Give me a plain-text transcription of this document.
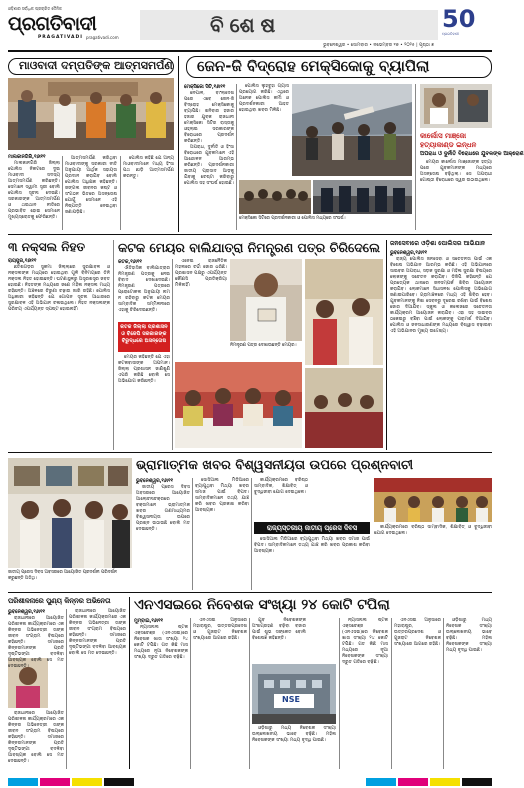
ଓଡ଼ିଶାର ସର୍ବାଧିକ ପ୍ରଚାରିତ ଦୈନିକ
ପ୍ରଗତିବାଦୀ
PRAGATIVADI pragativadi.com
ବିଶେଷ	50
ପ୍ରଗତିବାଦୀ
ଭୁବନେଶ୍ୱର • ସୋମବାର • ନଭେମ୍ବର ୧୭ • ୨୦୨୫ | ପୃଷ୍ଠା ୭
ମାଓବାଦୀ ଦମ୍ପତିଙ୍କ ଆତ୍ମସମର୍ପଣ
ମାଲକାନଗିରି,୧୬ା୧୧

ମାଲକାନଗିରି ଜିଲ୍ଲା ପୋଲିସ ନିକଟରେ ଦୁଇ ମାଓବାଦୀ ସଦସ୍ୟ ଆତ୍ମସମର୍ପଣ କରିଛନ୍ତି। ସେମାନେ ସ୍ୱାମୀ ସ୍ତ୍ରୀ ବୋଲି ପୋଲିସ ସୂଚନା ଦେଇଛି। ସରକାରଙ୍କ ଆତ୍ମସମର୍ପଣ ଓ ଥଇଥାନ ନୀତିରେ ପ୍ରଭାବିତ ହୋଇ ସେମାନେ ମୁଖ୍ୟସ୍ରୋତକୁ ଫେରିଛନ୍ତି।

ଆତ୍ମସମର୍ପଣ କରିଥିବା ମାଓବାଦୀଙ୍କୁ ସରକାରୀ ନୀତି ଅନୁଯାୟୀ ଆର୍ଥିକ ସହାୟତା ପ୍ରଦାନ କରାଯିବ ବୋଲି ପୋଲିସ ଅଧିକ୍ଷକ କହିଛନ୍ତି। ଜଙ୍ଗଲ ଜୀବନର କଷ୍ଟ ଓ ସଂଗଠନ ଭିତରେ ଅସନ୍ତୋଷ ଯୋଗୁଁ ସେମାନେ ଏହି ନିଷ୍ପତ୍ତି ନେଇଥିବା ଜଣାପଡ଼ିଛି।

ପୋଲିସ କହିଛି ଯେ ଅନ୍ୟ ମାଓବାଦୀମାନେ ମଧ୍ୟ ହିଂସା ପଥ ଛାଡ଼ି ଆତ୍ମସମର୍ପଣ କରନ୍ତୁ।

ଜେନ-ଜି ବିଦ୍ରୋହ ମେକ୍ସିକୋକୁ ବ୍ୟାପିଲା
ମେକ୍ସିକୋ ସିଟି,୧୬ା୧୧

ନେପାଳ, ବାଂଲାଦେଶ ପରେ ଏବେ ଜେନ-ଜି ବିଦ୍ରୋହ ମେକ୍ସିକୋକୁ ବ୍ୟାପିଛି। ଶନିବାର ହଜାର ହଜାର ଯୁବକ ରାଜଧାନୀ ମେକ୍ସିକୋ ସିଟିର ରାସ୍ତାକୁ ଓହ୍ଲାଇ ସରକାରଙ୍କ ବିରୋଧରେ ପ୍ରଦର୍ଶନ କରିଛନ୍ତି।

ଅପରାଧ, ଦୁର୍ନୀତି ଓ ହିଂସା ବିରୋଧରେ ଯୁବକମାନେ ଏହି ଆନ୍ଦୋଳନ ଆରମ୍ଭ କରିଛନ୍ତି। ପ୍ରଦର୍ଶନକାରୀ ଜାତୀୟ ପ୍ରାସାଦ ଆଡ଼କୁ ଯିବାକୁ ଚେଷ୍ଟା କରିବାରୁ ପୋଲିସ ସହ ସଂଘର୍ଷ ହୋଇଛି।

ପୋଲିସ ଲୁହବୁହା ଗ୍ୟାସ ପ୍ରୟୋଗ କରିଛି। ଏଥିରେ ଅନେକ ପୋଲିସ କର୍ମୀ ଓ ପ୍ରଦର୍ଶନକାରୀ ଆହତ ହୋଇଥିବା ଖବର ମିଳିଛି।

ମେକ୍ସିକୋ ସିଟିରେ ପ୍ରଦର୍ଶନକାରୀ ଓ ପୋଲିସ ମଧ୍ୟରେ ସଂଘର୍ଷ।
କାର୍ଲୋସ ମାଞ୍ଜୋ
ହତ୍ୟାକାଣ୍ଡ ଇନ୍ଧନ
ଅପରାଧ ଓ ଦୁର୍ନୀତି ବିରୋଧରେ ଯୁବକଙ୍କ ଆକ୍ରୋଶ

ମେୟର କାର୍ଲୋସ ମାଞ୍ଜୋଙ୍କ ହତ୍ୟା ପରେ ଯୁବକମାନଙ୍କ ମଧ୍ୟରେ ଅସନ୍ତୋଷ ବଢ଼ିଥିଲା। ସେ ଅପରାଧୀ ଗୋଷ୍ଠୀ ବିରୋଧରେ ସ୍ୱର ଉଠାଉଥିଲେ।

୩ ନକ୍ସଲ ନିହତ
ରାୟପୁର,୧୬ା୧୧

ଛତିଶଗଡ଼ର ସୁକମା ଜିଲ୍ଲାରେ ସୁରକ୍ଷାବଳ ଓ ନକ୍ସଲଙ୍କ ମଧ୍ୟରେ ହୋଇଥିବା ଗୁଳି ବିନିମୟରେ ତିନି ନକ୍ସଲ ନିହତ ହୋଇଛନ୍ତି। ଘଟଣାସ୍ଥଳରୁ ଅସ୍ତ୍ରଶସ୍ତ୍ର ଜବତ ହୋଇଛି। ନିହତଙ୍କ ମଧ୍ୟରେ ଜଣେ ମହିଳା ନକ୍ସଲ ମଧ୍ୟ ରହିଛନ୍ତି। ଅଞ୍ଚଳରେ ଚିରୁଣୀ ଚଢ଼ାଉ ଜାରି ରହିଛି। ପୋଲିସ ଅଧିକାରୀ କହିଛନ୍ତି ଯେ ଗୋପନ ସୂଚନା ଆଧାରରେ ସୁରକ୍ଷାବଳ ଏହି ଅଭିଯାନ ଚଳାଇଥିଲେ। ନିହତ ନକ୍ସଲଙ୍କ ପରିଚୟ ଏପର୍ଯ୍ୟନ୍ତ ସ୍ପଷ୍ଟ ହୋଇନାହିଁ।

କଟକ ମେୟର ବାଲିଯାତ୍ରା ନିମନ୍ତ୍ରଣ ପତ୍ର ଚିରିଦେଲେ
କଟକ,୧୬ା୧୧

ଐତିହାସିକ ବାଲିଯାତ୍ରାର ନିମନ୍ତ୍ରଣ ପତ୍ରକୁ ନେଇ ବିବାଦ ଦେଖାଦେଇଛି। ନିମନ୍ତ୍ରଣ ପତ୍ରରେ ପ୍ରୋଟୋକଲ ଅନୁଯାୟୀ ନାମ ନ ରହିବାରୁ କଟକ ମେୟର ସାମ୍ବାଦିକ ସମ୍ମିଳନୀରେ ଏହାକୁ ଚିରିଦେଇଛନ୍ତି।

କଟକ ଜିଲ୍ଲା ପ୍ରଶାସନ ଓ ବିଜେପି ସରକାରଙ୍କ ବିରୁଦ୍ଧରେ ଅସନ୍ତୋଷ

ମେୟର କହିଛନ୍ତି ଯେ ଏହା କଟକବାସୀଙ୍କ ଅପମାନ। ଜିଲ୍ଲା ପ୍ରଶାସନ ଜାଣିଶୁଣି ଏପରି କରିଛି ବୋଲି ସେ ଅଭିଯୋଗ କରିଛନ୍ତି।

ଏନେଇ ରାଜନୈତିକ ମହଲରେ ଚର୍ଚ୍ଚା ଜୋର ଧରିଛି। ପ୍ରଶାସନ ପକ୍ଷରୁ ଏପର୍ଯ୍ୟନ୍ତ କୌଣସି ପ୍ରତିକ୍ରିୟା ମିଳିନାହିଁ।

ନିମନ୍ତ୍ରଣ ପତ୍ର ଦେଖାଉଛନ୍ତି ମେୟର।
ଜନସେବାରେ ଓଡ଼ିଶା ପୋଲିସର ଆଭିଯାନ
ଭୁବନେଶ୍ୱର,୧୬ା୧୧

ରାଜ୍ୟ ପୋଲିସ ଜନସେବା ଓ ସଚେତନତା ପାଇଁ ଏକ ବିଶେଷ ଅଭିଯାନ ଆରମ୍ଭ କରିଛି। ଏହି ଅଭିଯାନରେ ସାଇବର ଅପରାଧ, ସଡ଼କ ସୁରକ୍ଷା ଓ ମହିଳା ସୁରକ୍ଷା ବିଷୟରେ ଲୋକଙ୍କୁ ସଚେତନ କରାଯିବ। ଡିଜିପି କହିଛନ୍ତି ଯେ ପ୍ରତ୍ୟେକ ଥାନାରେ ଜନସମ୍ପର୍କ ଶିବିର ଆୟୋଜନ କରାଯିବ। ଲୋକମାନେ ସିଧାସଳଖ ପୋଲିସକୁ ଅଭିଯୋଗ ଜଣାଇପାରିବେ। ଗ୍ରାମାଞ୍ଚଳରେ ମଧ୍ୟ ଏହି ଶିବିର ହେବ। ଯୁବକମାନଙ୍କୁ ନିଶା ସେବନରୁ ଦୂରେଇ ରଖିବା ପାଇଁ ବିଶେଷ ଜୋର ଦିଆଯିବ। ସ୍କୁଲ ଓ କଲେଜରେ ସଚେତନତା କାର୍ଯ୍ୟକ୍ରମ ଆୟୋଜନ କରାଯିବ। ଏହା ସହ ସାଇବର ଠକେଇରୁ ବଞ୍ଚିବା ପାଇଁ ଲୋକଙ୍କୁ ପରାମର୍ଶ ଦିଆଯିବ। ପୋଲିସ ଓ ଜନସାଧାରଣଙ୍କ ମଧ୍ୟରେ ବିଶ୍ୱାସ ବଢ଼ାଇବା ଏହି ଅଭିଯାନର ମୁଖ୍ୟ ଉଦ୍ଦେଶ୍ୟ।

ଜାତୀୟ ପ୍ରେସ ଦିବସ ଅବସରରେ ଆୟୋଜିତ ପ୍ରଦର୍ଶନୀ ପରିଦର୍ଶନ କରୁଛନ୍ତି ଅତିଥି।
ଭ୍ରାମାତ୍ମକ ଖବର ବିଶ୍ୱସନୀୟତା ଉପରେ ପ୍ରଶ୍ନବାଚୀ
ଭୁବନେଶ୍ୱର,୧୬ା୧୧

ଜାତୀୟ ପ୍ରେସ ଦିବସ ଅବସରରେ ଆୟୋଜିତ ଆଲୋଚନାଚକ୍ରରେ ବକ୍ତାମାନେ ଭ୍ରାମାତ୍ମକ ଖବର ଗଣମାଧ୍ୟମର ବିଶ୍ୱସନୀୟତା ଉପରେ ପ୍ରଶ୍ନ ଉଠାଉଛି ବୋଲି ମତ ଦେଇଛନ୍ତି।

ସୋସିଆଲ ମିଡିଆରେ ବ୍ୟାପୁଥିବା ମିଥ୍ୟା ଖବର ସମାଜ ପାଇଁ ବିପଦ। ସାମ୍ବାଦିକମାନେ ତଥ୍ୟ ଯାଞ୍ଚ କରି ଖବର ପ୍ରକାଶ କରିବା ଆବଶ୍ୟକ।

କାର୍ଯ୍ୟକ୍ରମରେ ବରିଷ୍ଠ ସାମ୍ବାଦିକ, ଶିକ୍ଷାବିତ୍ ଓ ବୁଦ୍ଧିଜୀବୀ ଯୋଗ ଦେଇଥିଲେ।

ରାଜ୍ୟସ୍ତରୀୟ ଜାତୀୟ ପ୍ରେସ ଦିବସ

ସୋସିଆଲ ମିଡିଆରେ ବ୍ୟାପୁଥିବା ମିଥ୍ୟା ଖବର ସମାଜ ପାଇଁ ବିପଦ। ସାମ୍ବାଦିକମାନେ ତଥ୍ୟ ଯାଞ୍ଚ କରି ଖବର ପ୍ରକାଶ କରିବା ଆବଶ୍ୟକ।

କାର୍ଯ୍ୟକ୍ରମରେ ବରିଷ୍ଠ ସାମ୍ବାଦିକ, ଶିକ୍ଷାବିତ୍ ଓ ବୁଦ୍ଧିଜୀବୀ ଯୋଗ ଦେଇଥିଲେ।

ପରିଶୀଳନାରେ ପୁଣ୍ୟ କିନ୍ନର ଅଭିନେତା
ଭୁବନେଶ୍ୱର,୧୬ା୧୧

ରାଜଧାନୀରେ ଆୟୋଜିତ ପରିଶୀଳନା କାର୍ଯ୍ୟକ୍ରମରେ ଏକ କିନ୍ନର ଅଭିନେତ୍ରୀ ତାଙ୍କ ଜୀବନ ସଂଗ୍ରାମ ବିଷୟରେ କହିଛନ୍ତି। ସମାଜରେ କିନ୍ନରମାନଙ୍କ ପ୍ରତି ଦୃଷ୍ଟିଭଙ୍ଗୀ ବଦଳିବା ଆବଶ୍ୟକ ବୋଲି ସେ ମତ ଦେଇଛନ୍ତି।

ରାଜଧାନୀରେ ଆୟୋଜିତ ପରିଶୀଳନା କାର୍ଯ୍ୟକ୍ରମରେ ଏକ କିନ୍ନର ଅଭିନେତ୍ରୀ ତାଙ୍କ ଜୀବନ ସଂଗ୍ରାମ ବିଷୟରେ କହିଛନ୍ତି। ସମାଜରେ କିନ୍ନରମାନଙ୍କ ପ୍ରତି ଦୃଷ୍ଟିଭଙ୍ଗୀ ବଦଳିବା ଆବଶ୍ୟକ ବୋଲି ସେ ମତ ଦେଇଛନ୍ତି।

ରାଜଧାନୀରେ ଆୟୋଜିତ ପରିଶୀଳନା କାର୍ଯ୍ୟକ୍ରମରେ ଏକ କିନ୍ନର ଅଭିନେତ୍ରୀ ତାଙ୍କ ଜୀବନ ସଂଗ୍ରାମ ବିଷୟରେ କହିଛନ୍ତି। ସମାଜରେ କିନ୍ନରମାନଙ୍କ ପ୍ରତି ଦୃଷ୍ଟିଭଙ୍ଗୀ ବଦଳିବା ଆବଶ୍ୟକ ବୋଲି ସେ ମତ ଦେଇଛନ୍ତି।

ଏନଏସଇରେ ନିବେଶକ ସଂଖ୍ୟା ୨୪ କୋଟି ଟପିଲା
ମୁମ୍ବାଇ,୧୬ା୧୧

ନ୍ୟାସନାଲ ଷ୍ଟକ ଏକ୍ସଚେଞ୍ଜ (ଏନଏସଇ)ରେ ନିବେଶକ ଖାତା ସଂଖ୍ୟା ୨୪ କୋଟି ଟପିଛି। ଗତ କିଛି ମାସ ମଧ୍ୟରେ ନୂଆ ନିବେଶକଙ୍କ ସଂଖ୍ୟା ଦ୍ରୁତ ଗତିରେ ବଢ଼ିଛି।

ଏନଏସଇ ଅନୁସାରେ ମହାରାଷ୍ଟ୍ର, ଉତ୍ତରପ୍ରଦେଶ ଓ ଗୁଜରାଟ ନିବେଶକ ସଂଖ୍ୟାରେ ଆଗରେ ରହିଛି।

ଯୁବ ନିବେଶକଙ୍କ ଅଂଶଗ୍ରହଣ ବଢ଼ିବା ବଜାର ପାଇଁ ଶୁଭ ସଙ୍କେତ ବୋଲି ବିଶେଷଜ୍ଞ କହିଛନ୍ତି।

NSE

ଓଡ଼ିଶାରୁ ମଧ୍ୟ ନିବେଶକ ସଂଖ୍ୟା ଉଲ୍ଲେଖନୀୟ ଭାବେ ବଢ଼ିଛି। ମହିଳା ନିବେଶକଙ୍କ ସଂଖ୍ୟା ମଧ୍ୟ ବୃଦ୍ଧି ପାଇଛି।

ନ୍ୟାସନାଲ ଷ୍ଟକ ଏକ୍ସଚେଞ୍ଜ (ଏନଏସଇ)ରେ ନିବେଶକ ଖାତା ସଂଖ୍ୟା ୨୪ କୋଟି ଟପିଛି। ଗତ କିଛି ମାସ ମଧ୍ୟରେ ନୂଆ ନିବେଶକଙ୍କ ସଂଖ୍ୟା ଦ୍ରୁତ ଗତିରେ ବଢ଼ିଛି।

ଏନଏସଇ ଅନୁସାରେ ମହାରାଷ୍ଟ୍ର, ଉତ୍ତରପ୍ରଦେଶ ଓ ଗୁଜରାଟ ନିବେଶକ ସଂଖ୍ୟାରେ ଆଗରେ ରହିଛି।

ଓଡ଼ିଶାରୁ ମଧ୍ୟ ନିବେଶକ ସଂଖ୍ୟା ଉଲ୍ଲେଖନୀୟ ଭାବେ ବଢ଼ିଛି। ମହିଳା ନିବେଶକଙ୍କ ସଂଖ୍ୟା ମଧ୍ୟ ବୃଦ୍ଧି ପାଇଛି।
